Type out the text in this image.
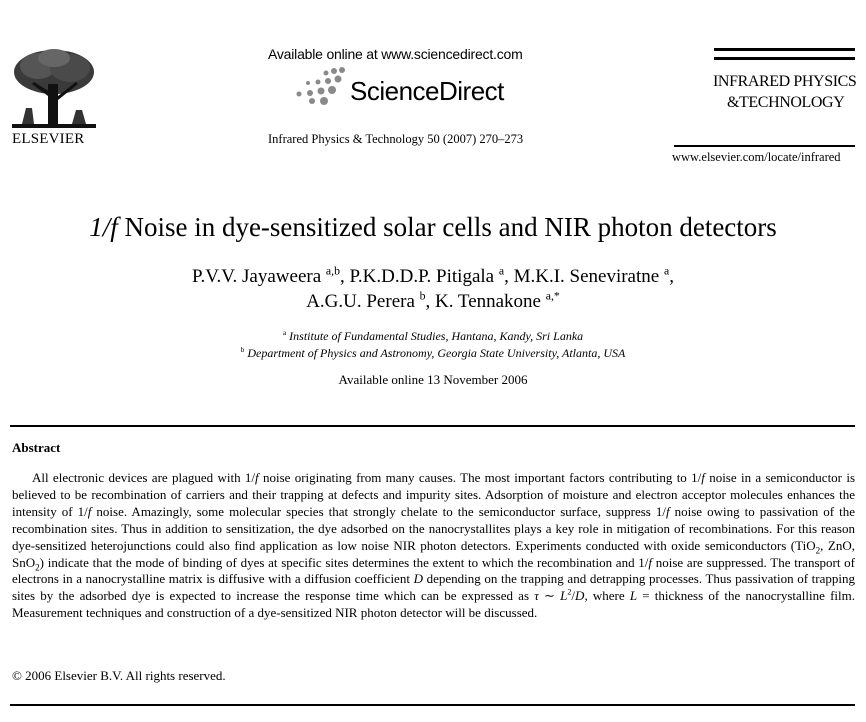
ELSEVIER
Available online at www.sciencedirect.com
ScienceDirect
Infrared Physics & Technology 50 (2007) 270–273
INFRARED PHYSICS
&TECHNOLOGY
www.elsevier.com/locate/infrared
1/f Noise in dye-sensitized solar cells and NIR photon detectors
P.V.V. Jayaweera $^{a,b}$, P.K.D.D.P. Pitigala $^a$, M.K.I. Seneviratne $^a$,
A.G.U. Perera $^b$, K. Tennakone $^{a,*}$
$^a$ Institute of Fundamental Studies, Hantana, Kandy, Sri Lanka
$^b$ Department of Physics and Astronomy, Georgia State University, Atlanta, USA
Available online 13 November 2006
Abstract

All electronic devices are plagued with 1/f noise originating from many causes. The most important factors contributing to 1/f noise in a semiconductor is believed to be recombination of carriers and their trapping at defects and impurity sites. Adsorption of moisture and electron acceptor molecules enhances the intensity of 1/f noise. Amazingly, some molecular species that strongly chelate to the semiconductor surface, suppress 1/f noise owing to passivation of the recombination sites. Thus in addition to sensitization, the dye adsorbed on the nanocrystallites plays a key role in mitigation of recombinations. For this reason dye-sensitized heterojunctions could also find application as low noise NIR photon detectors. Experiments conducted with oxide semiconductors (TiO$_2$, ZnO, SnO$_2$) indicate that the mode of binding of dyes at specific sites determines the extent to which the recombination and 1/f noise are suppressed. The transport of electrons in a nanocrystalline matrix is diffusive with a diffusion coefficient D depending on the trapping and detrapping processes. Thus passivation of trapping sites by the adsorbed dye is expected to increase the response time which can be expressed as τ ∼ $L^2/D$, where L = thickness of the nanocrystalline film. Measurement techniques and construction of a dye-sensitized NIR photon detector will be discussed.

© 2006 Elsevier B.V. All rights reserved.
